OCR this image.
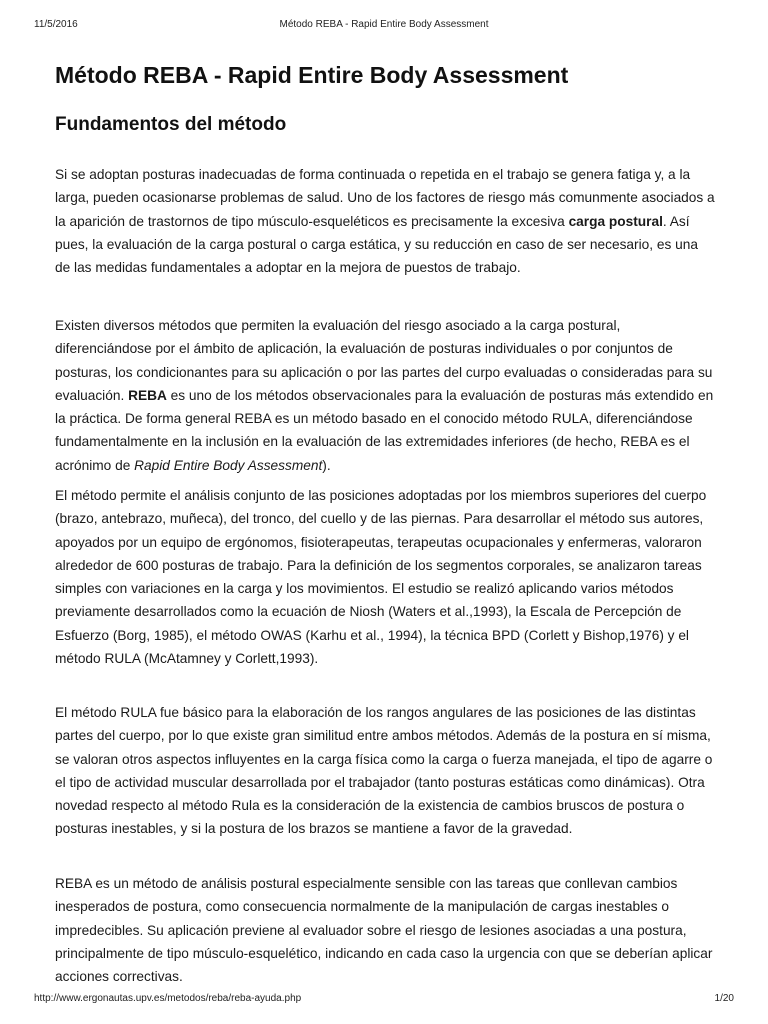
11/5/2016	Método REBA - Rapid Entire Body Assessment
Método REBA - Rapid Entire Body Assessment
Fundamentos del método

Si se adoptan posturas inadecuadas de forma continuada o repetida en el trabajo se genera fatiga y, a la larga, pueden ocasionarse problemas de salud. Uno de los factores de riesgo más comunmente asociados a la aparición de trastornos de tipo músculo-esqueléticos es precisamente la excesiva carga postural. Así pues, la evaluación de la carga postural o carga estática, y su reducción en caso de ser necesario, es una de las medidas fundamentales a adoptar en la mejora de puestos de trabajo.

Existen diversos métodos que permiten la evaluación del riesgo asociado a la carga postural, diferenciándose por el ámbito de aplicación, la evaluación de posturas individuales o por conjuntos de posturas, los condicionantes para su aplicación o por las partes del curpo evaluadas o consideradas para su evaluación. REBA es uno de los métodos observacionales para la evaluación de posturas más extendido en la práctica. De forma general REBA es un método basado en el conocido método RULA, diferenciándose fundamentalmente en la inclusión en la evaluación de las extremidades inferiores (de hecho, REBA es el acrónimo de Rapid Entire Body Assessment).

El método permite el análisis conjunto de las posiciones adoptadas por los miembros superiores del cuerpo (brazo, antebrazo, muñeca), del tronco, del cuello y de las piernas. Para desarrollar el método sus autores, apoyados por un equipo de ergónomos, fisioterapeutas, terapeutas ocupacionales y enfermeras, valoraron alrededor de 600 posturas de trabajo. Para la definición de los segmentos corporales, se analizaron tareas simples con variaciones en la carga y los movimientos. El estudio se realizó aplicando varios métodos previamente desarrollados como la ecuación de Niosh (Waters et al.,1993), la Escala de Percepción de Esfuerzo (Borg, 1985), el método OWAS (Karhu et al., 1994), la técnica BPD (Corlett y Bishop,1976) y el método RULA (McAtamney y Corlett,1993).

El método RULA fue básico para la elaboración de los rangos angulares de las posiciones de las distintas partes del cuerpo, por lo que existe gran similitud entre ambos métodos. Además de la postura en sí misma, se valoran otros aspectos influyentes en la carga física como la carga o fuerza manejada, el tipo de agarre o el tipo de actividad muscular desarrollada por el trabajador (tanto posturas estáticas como dinámicas). Otra novedad respecto al método Rula es la consideración de la existencia de cambios bruscos de postura o posturas inestables, y si la postura de los brazos se mantiene a favor de la gravedad.

REBA es un método de análisis postural especialmente sensible con las tareas que conllevan cambios inesperados de postura, como consecuencia normalmente de la manipulación de cargas inestables o impredecibles. Su aplicación previene al evaluador sobre el riesgo de lesiones asociadas a una postura, principalmente de tipo músculo-esquelético, indicando en cada caso la urgencia con que se deberían aplicar acciones correctivas.

http://www.ergonautas.upv.es/metodos/reba/reba-ayuda.php	1/20
